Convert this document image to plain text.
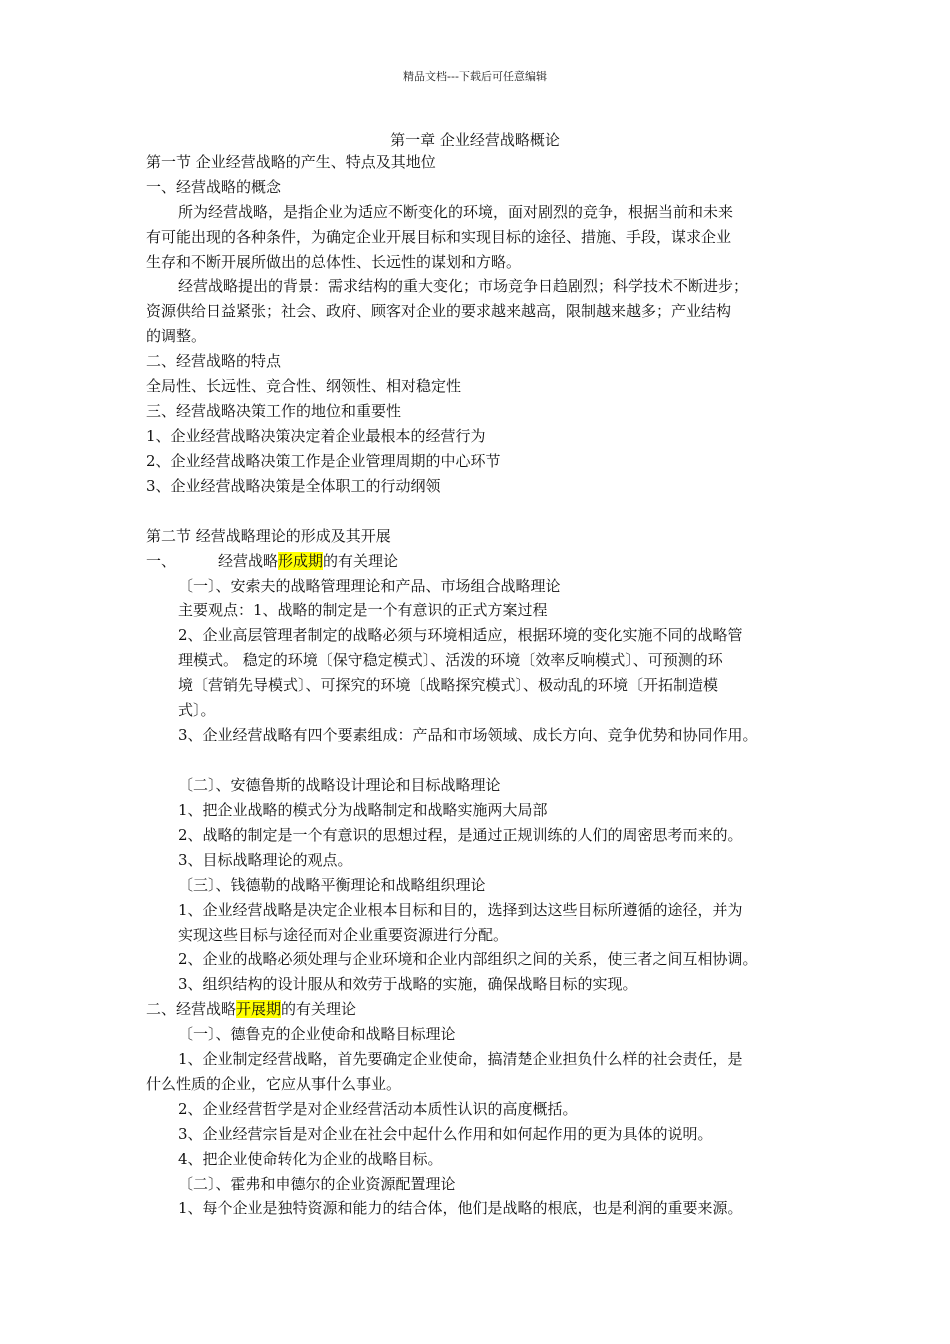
精品文档---下载后可任意编辑
第一章 企业经营战略概论
第一节 企业经营战略的产生、特点及其地位
一、经营战略的概念
所为经营战略，是指企业为适应不断变化的环境，面对剧烈的竞争，根据当前和未来
有可能出现的各种条件，为确定企业开展目标和实现目标的途径、措施、手段，谋求企业
生存和不断开展所做出的总体性、长远性的谋划和方略。
经营战略提出的背景：需求结构的重大变化；市场竞争日趋剧烈；科学技术不断进步；
资源供给日益紧张；社会、政府、顾客对企业的要求越来越高，限制越来越多；产业结构
的调整。
二、经营战略的特点
全局性、长远性、竞合性、纲领性、相对稳定性
三、经营战略决策工作的地位和重要性
1、企业经营战略决策决定着企业最根本的经营行为
2、企业经营战略决策工作是企业管理周期的中心环节
3、企业经营战略决策是全体职工的行动纲领
第二节 经营战略理论的形成及其开展
一、	经营战略形成期的有关理论
〔一〕、安索夫的战略管理理论和产品、市场组合战略理论
主要观点：1、战略的制定是一个有意识的正式方案过程
2、企业高层管理者制定的战略必须与环境相适应，根据环境的变化实施不同的战略管
理模式。 稳定的环境〔保守稳定模式〕、活泼的环境〔效率反响模式〕、可预测的环
境〔营销先导模式〕、可探究的环境〔战略探究模式〕、极动乱的环境〔开拓制造模
式〕。
3、企业经营战略有四个要素组成：产品和市场领域、成长方向、竞争优势和协同作用。
〔二〕、安德鲁斯的战略设计理论和目标战略理论
1、把企业战略的模式分为战略制定和战略实施两大局部
2、战略的制定是一个有意识的思想过程，是通过正规训练的人们的周密思考而来的。
3、目标战略理论的观点。
〔三〕、钱德勒的战略平衡理论和战略组织理论
1、企业经营战略是决定企业根本目标和目的，选择到达这些目标所遵循的途径，并为
实现这些目标与途径而对企业重要资源进行分配。
2、企业的战略必须处理与企业环境和企业内部组织之间的关系，使三者之间互相协调。
3、组织结构的设计服从和效劳于战略的实施，确保战略目标的实现。
二、经营战略开展期的有关理论
〔一〕、德鲁克的企业使命和战略目标理论
1、企业制定经营战略，首先要确定企业使命，搞清楚企业担负什么样的社会责任，是
什么性质的企业，它应从事什么事业。
2、企业经营哲学是对企业经营活动本质性认识的高度概括。
3、企业经营宗旨是对企业在社会中起什么作用和如何起作用的更为具体的说明。
4、把企业使命转化为企业的战略目标。
〔二〕、霍弗和申德尔的企业资源配置理论
1、每个企业是独特资源和能力的结合体，他们是战略的根底，也是利润的重要来源。
